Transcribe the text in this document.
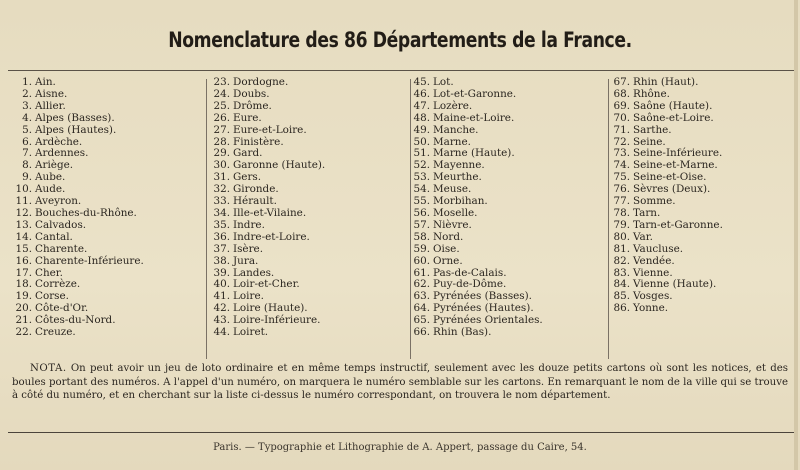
Nomenclature des 86 Départements de la France.
1. Ain.
2. Aisne.
3. Allier.
4. Alpes (Basses).
5. Alpes (Hautes).
6. Ardèche.
7. Ardennes.
8. Ariège.
9. Aube.
10. Aude.
11. Aveyron.
12. Bouches-du-Rhône.
13. Calvados.
14. Cantal.
15. Charente.
16. Charente-Inférieure.
17. Cher.
18. Corrèze.
19. Corse.
20. Côte-d'Or.
21. Côtes-du-Nord.
22. Creuze.
23. Dordogne.
24. Doubs.
25. Drôme.
26. Eure.
27. Eure-et-Loire.
28. Finistère.
29. Gard.
30. Garonne (Haute).
31. Gers.
32. Gironde.
33. Hérault.
34. Ille-et-Vilaine.
35. Indre.
36. Indre-et-Loire.
37. Isère.
38. Jura.
39. Landes.
40. Loir-et-Cher.
41. Loire.
42. Loire (Haute).
43. Loire-Inférieure.
44. Loiret.
45. Lot.
46. Lot-et-Garonne.
47. Lozère.
48. Maine-et-Loire.
49. Manche.
50. Marne.
51. Marne (Haute).
52. Mayenne.
53. Meurthe.
54. Meuse.
55. Morbihan.
56. Moselle.
57. Nièvre.
58. Nord.
59. Oise.
60. Orne.
61. Pas-de-Calais.
62. Puy-de-Dôme.
63. Pyrénées (Basses).
64. Pyrénées (Hautes).
65. Pyrénées Orientales.
66. Rhin (Bas).
67. Rhin (Haut).
68. Rhône.
69. Saône (Haute).
70. Saône-et-Loire.
71. Sarthe.
72. Seine.
73. Seine-Inférieure.
74. Seine-et-Marne.
75. Seine-et-Oise.
76. Sèvres (Deux).
77. Somme.
78. Tarn.
79. Tarn-et-Garonne.
80. Var.
81. Vaucluse.
82. Vendée.
83. Vienne.
84. Vienne (Haute).
85. Vosges.
86. Yonne.
NOTA. On peut avoir un jeu de loto ordinaire et en même temps instructif, seulement avec les douze petits cartons où sont les notices, et des boules portant des numéros. A l'appel d'un numéro, on marquera le numéro semblable sur les cartons. En remarquant le nom de la ville qui se trouve à côté du numéro, et en cherchant sur la liste ci-dessus le numéro correspondant, on trouvera le nom département.
Paris. — Typographie et Lithographie de A. Appert, passage du Caire, 54.
